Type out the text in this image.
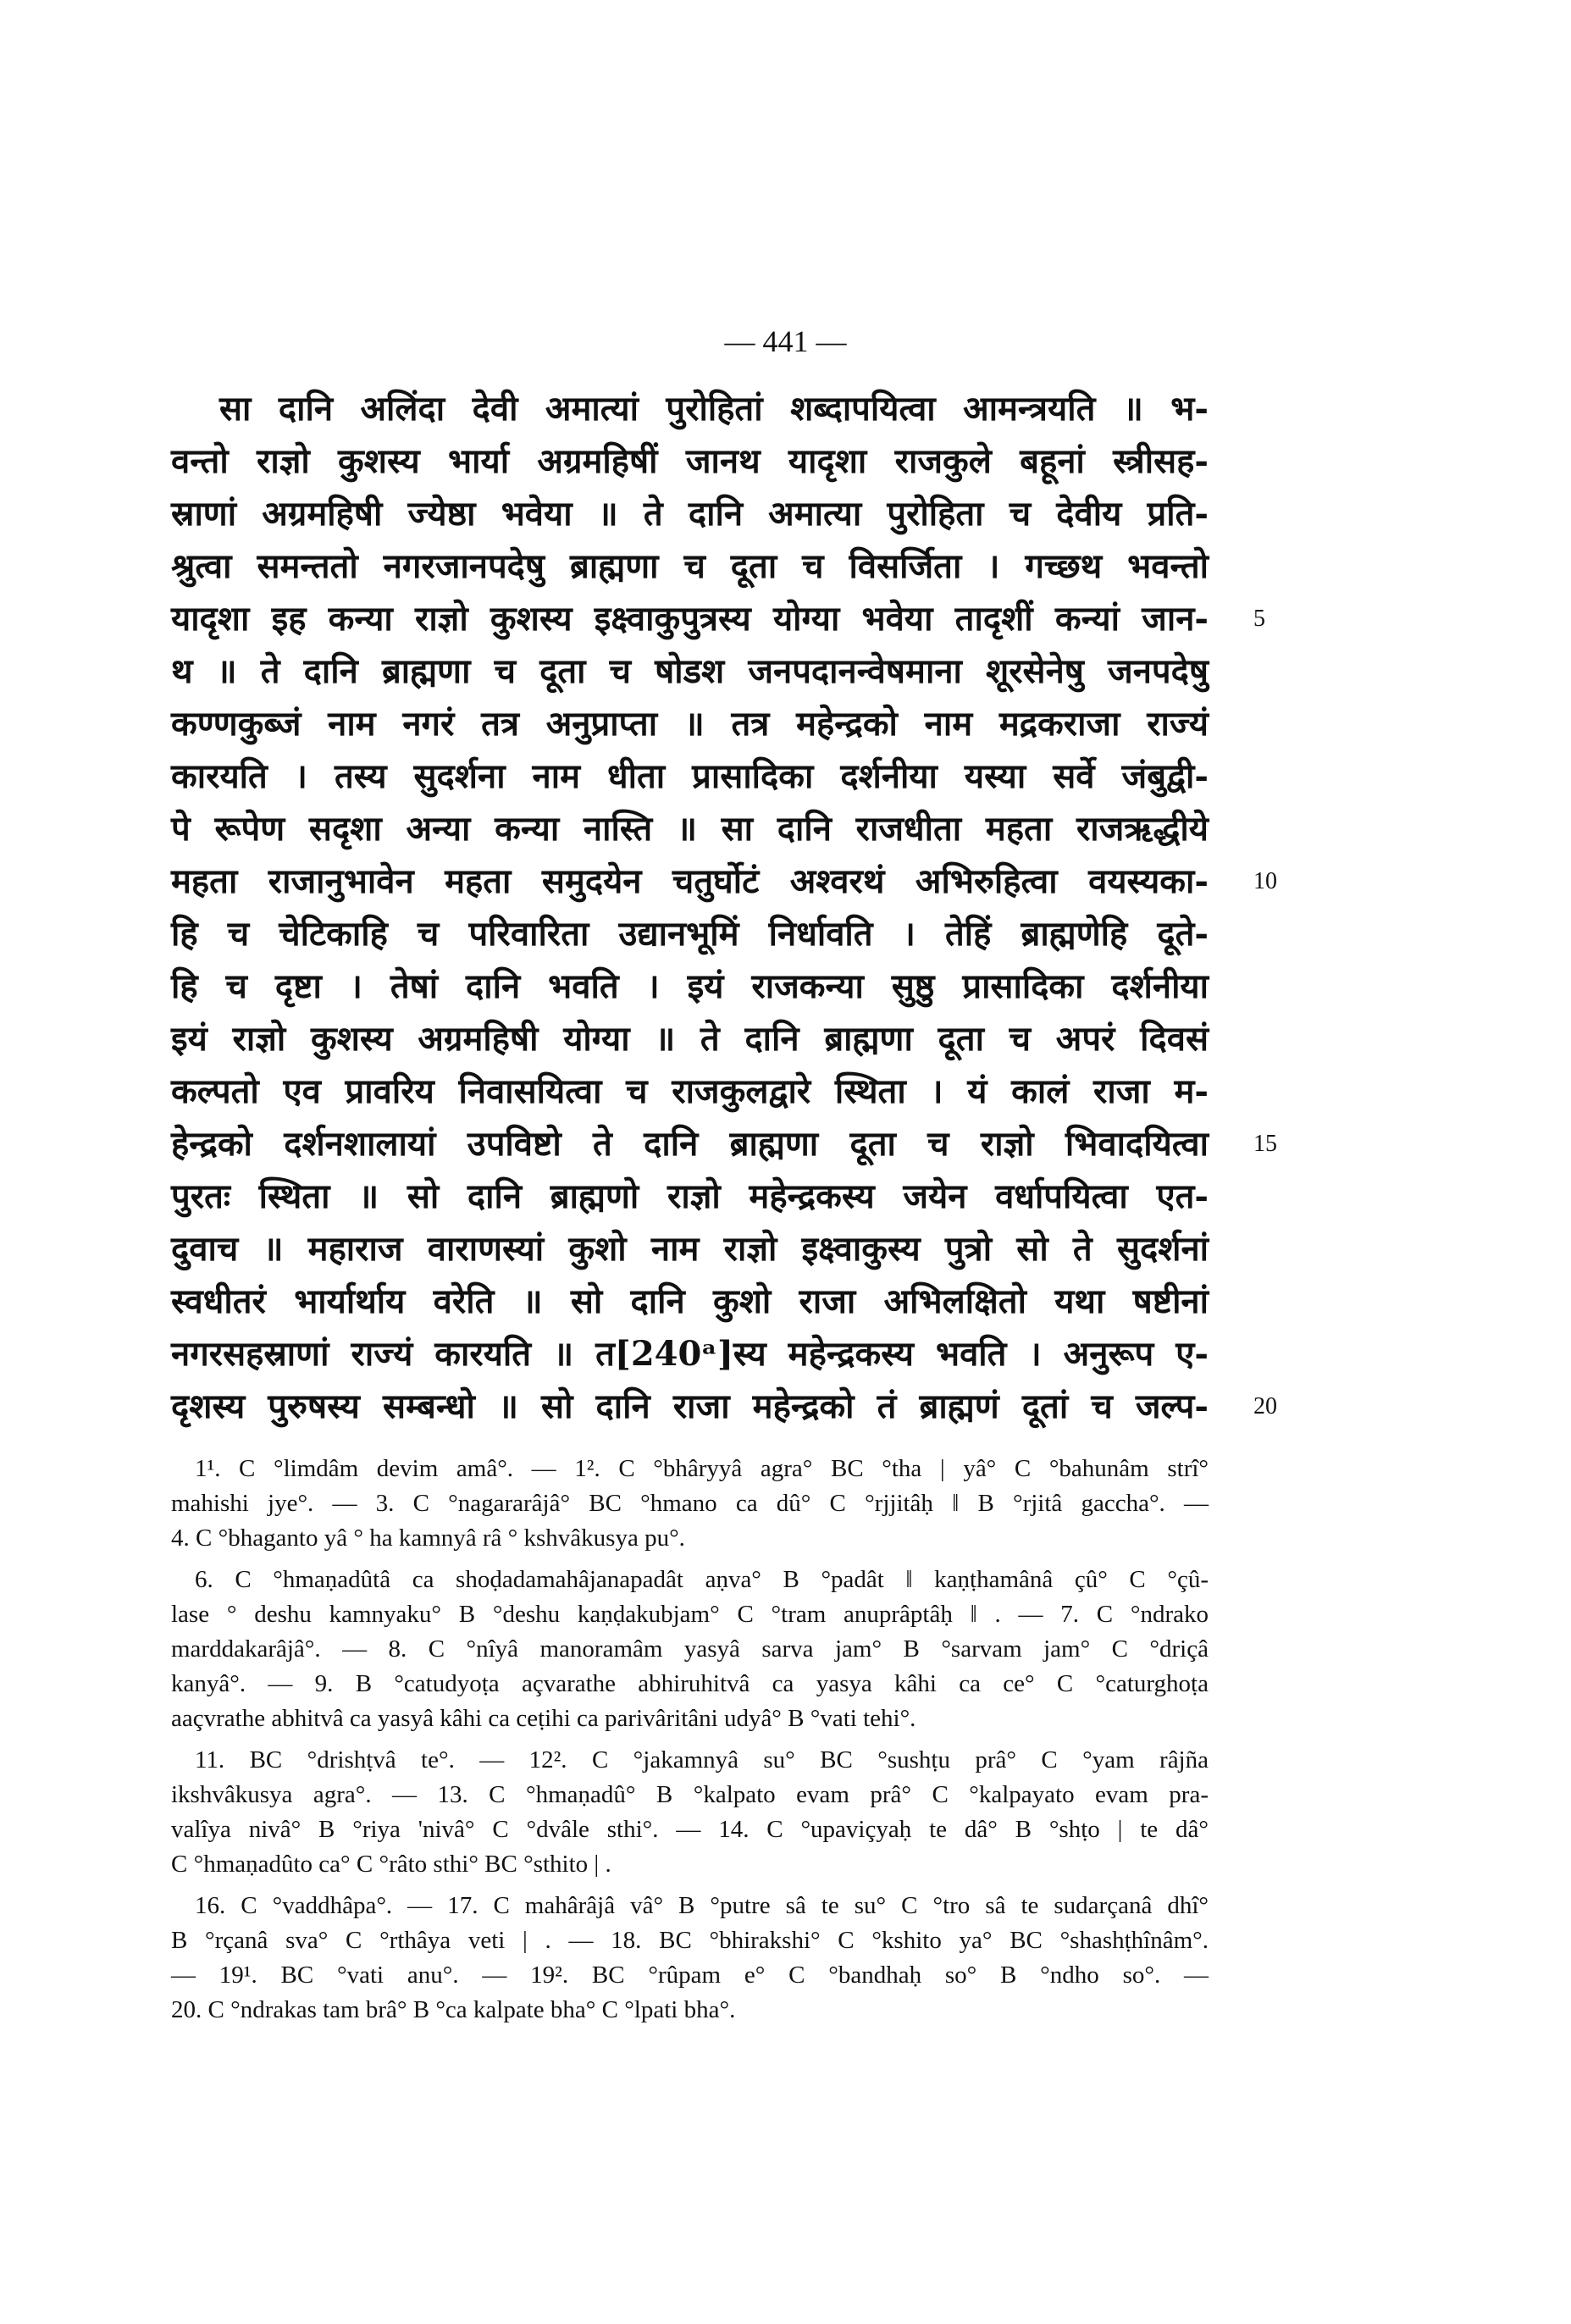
— 441 —
सा दानि अलिंदा देवी अमात्यां पुरोहितां शब्दापयित्वा आमन्त्रयति ॥ भ-
वन्तो राज्ञो कुशस्य भार्या अग्रमहिषीं जानथ यादृशा राजकुले बहूनां स्त्रीसह-
स्राणां अग्रमहिषी ज्येष्ठा भवेया ॥ ते दानि अमात्या पुरोहिता च देवीय प्रति-
श्रुत्वा समन्ततो नगरजानपदेषु ब्राह्मणा च दूता च विसर्जिता । गच्छथ भवन्तो
यादृशा इह कन्या राज्ञो कुशस्य इक्ष्वाकुपुत्रस्य योग्या भवेया तादृशीं कन्यां जान- 5
थ ॥ ते दानि ब्राह्मणा च दूता च षोडश जनपदानन्वेषमाना शूरसेनेषु जनपदेषु
कण्णकुब्जं नाम नगरं तत्र अनुप्राप्ता ॥ तत्र महेन्द्रको नाम मद्रकराजा राज्यं
कारयति । तस्य सुदर्शना नाम धीता प्रासादिका दर्शनीया यस्या सर्वे जंबुद्वी-
पे रूपेण सदृशा अन्या कन्या नास्ति ॥ सा दानि राजधीता महता राजऋद्धीये
महता राजानुभावेन महता समुदयेन चतुर्घोटं अश्वरथं अभिरुहित्वा वयस्यका- 10
हि च चेटिकाहि च परिवारिता उद्यानभूमिं निर्धावति । तेहिं ब्राह्मणेहि दूते-
हि च दृष्टा । तेषां दानि भवति । इयं राजकन्या सुष्ठु प्रासादिका दर्शनीया
इयं राज्ञो कुशस्य अग्रमहिषी योग्या ॥ ते दानि ब्राह्मणा दूता च अपरं दिवसं
कल्पतो एव प्रावरिय निवासयित्वा च राजकुलद्वारे स्थिता । यं कालं राजा म-
हेन्द्रको दर्शनशालायां उपविष्टो ते दानि ब्राह्मणा दूता च राज्ञो भिवादयित्वा 15
पुरतः स्थिता ॥ सो दानि ब्राह्मणो राज्ञो महेन्द्रकस्य जयेन वर्धापयित्वा एत-
दुवाच ॥ महाराज वाराणस्यां कुशो नाम राज्ञो इक्ष्वाकुस्य पुत्रो सो ते सुदर्शनां
स्वधीतरं भार्यार्थाय वरेति ॥ सो दानि कुशो राजा अभिलक्षितो यथा षष्टीनां
नगरसहस्राणां राज्यं कारयति ॥ त[240ᵃ]स्य महेन्द्रकस्य भवति । अनुरूप ए-
दृशस्य पुरुषस्य सम्बन्धो ॥ सो दानि राजा महेन्द्रको तं ब्राह्मणं दूतां च जल्प- 20
1¹. C °limdâm devim amâ°. — 1². C °bhâryyâ agra° BC °tha | yâ° C °bahunâm strî°
mahishi jye°. — 3. C °nagararâjâ° BC °hmano ca dû° C °rjjitâḥ ‖ B °rjitâ gaccha°. —
4. C °bhaganto yâ ° ha kamnyâ râ ° kshvâkusya pu°.
6. C °hmaṇadûtâ ca shoḍadamahâjanapadât aṇva° B °padât ‖ kaṇṭhamânâ çû° C °çû-
lase ° deshu kamnyaku° B °deshu kaṇḍakubjam° C °tram anuprâptâḥ ‖ . — 7. C °ndrako
marddakarâjâ°. — 8. C °nîyâ manoramâm yasyâ sarva jam° B °sarvam jam° C °driçâ
kanyâ°. — 9. B °catudyoṭa açvarathe abhiruhitvâ ca yasya kâhi ca ce° C °caturghoṭa
aaçvrathe abhitvâ ca yasyâ kâhi ca ceṭihi ca parivâritâni udyâ° B °vati tehi°.
11. BC °drishṭvâ te°. — 12². C °jakamnyâ su° BC °sushṭu prâ° C °yam râjña
ikshvâkusya agra°. — 13. C °hmaṇadû° B °kalpato evam prâ° C °kalpayato evam pra-
valîya nivâ° B °riya 'nivâ° C °dvâle sthi°. — 14. C °upaviçyaḥ te dâ° B °shṭo | te dâ°
C °hmaṇadûto ca° C °râto sthi° BC °sthito | .
16. C °vaddhâpa°. — 17. C mahârâjâ vâ° B °putre sâ te su° C °tro sâ te sudarçanâ dhî°
B °rçanâ sva° C °rthâya veti | . — 18. BC °bhirakshi° C °kshito ya° BC °shashṭhînâm°.
— 19¹. BC °vati anu°. — 19². BC °rûpam e° C °bandhaḥ so° B °ndho so°. —
20. C °ndrakas tam brâ° B °ca kalpate bha° C °lpati bha°.
